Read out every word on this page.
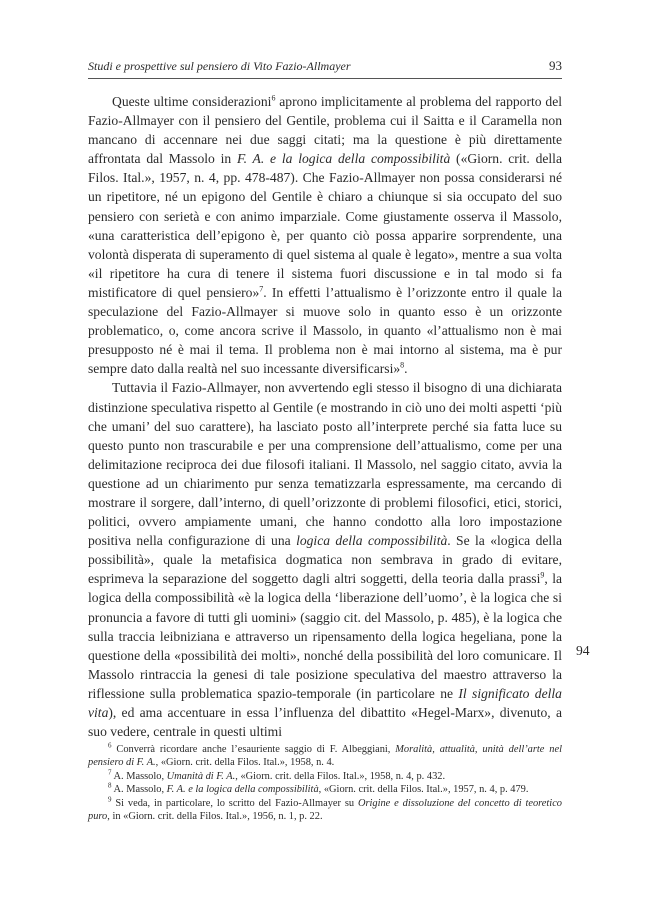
Studi e prospettive sul pensiero di Vito Fazio-Allmayer	93

Queste ultime considerazioni$^6$ aprono implicitamente al problema del rapporto del Fazio-Allmayer con il pensiero del Gentile, problema cui il Saitta e il Caramella non mancano di accennare nei due saggi citati; ma la questione è più direttamente affrontata dal Massolo in F. A. e la logica della compossibilità («Giorn. crit. della Filos. Ital.», 1957, n. 4, pp. 478-487). Che Fazio-Allmayer non possa considerarsi né un ripetitore, né un epigono del Gentile è chiaro a chiunque si sia occupato del suo pensiero con serietà e con animo imparziale. Come giustamente osserva il Massolo, «una caratteristica dell’epigono è, per quanto ciò possa apparire sorprendente, una volontà disperata di superamento di quel sistema al quale è legato», mentre a sua volta «il ripetitore ha cura di tenere il sistema fuori discussione e in tal modo si fa mistificatore di quel pensiero»$^7$. In effetti l’attualismo è l’orizzonte entro il quale la speculazione del Fazio-Allmayer si muove solo in quanto esso è un orizzonte problematico, o, come ancora scrive il Massolo, in quanto «l’attualismo non è mai presupposto né è mai il tema. Il problema non è mai intorno al sistema, ma è pur sempre dato dalla realtà nel suo incessante diversificarsi»$^8$.

Tuttavia il Fazio-Allmayer, non avvertendo egli stesso il bisogno di una dichiarata distinzione speculativa rispetto al Gentile (e mostrando in ciò uno dei molti aspetti ‘più che umani’ del suo carattere), ha lasciato posto all’interprete perché sia fatta luce su questo punto non trascurabile e per una comprensione dell’attualismo, come per una delimitazione reciproca dei due filosofi italiani. Il Massolo, nel saggio citato, avvia la questione ad un chiarimento pur senza tematizzarla espressamente, ma cercando di mostrare il sorgere, dall’interno, di quell’orizzonte di problemi filosofici, etici, storici, politici, ovvero ampiamente umani, che hanno condotto alla loro impostazione positiva nella configurazione di una logica della compossibilità. Se la «logica della possibilità», quale la metafisica dogmatica non sembrava in grado di evitare, esprimeva la separazione del soggetto dagli altri soggetti, della teoria dalla prassi$^9$, la logica della compossibilità «è la logica della ‘liberazione dell’uomo’, è la logica che si pronuncia a favore di tutti gli uomini» (saggio cit. del Massolo, p. 485), è la logica che sulla traccia leibniziana e attraverso un ripensamento della logica hegeliana, pone la questione della «possibilità dei molti», nonché della possibilità del loro comunicare. Il Massolo rintraccia la genesi di tale posizione speculativa del maestro attraverso la riflessione sulla problematica spazio-temporale (in particolare ne Il significato della vita), ed ama accentuare in essa l’influenza del dibattito «Hegel-Marx», divenuto, a suo vedere, centrale in questi ultimi

94

$^6$ Converrà ricordare anche l’esauriente saggio di F. Albeggiani, Moralità, attualità, unità dell’arte nel pensiero di F. A., «Giorn. crit. della Filos. Ital.», 1958, n. 4.

$^7$ A. Massolo, Umanità di F. A., «Giorn. crit. della Filos. Ital.», 1958, n. 4, p. 432.

$^8$ A. Massolo, F. A. e la logica della compossibilità, «Giorn. crit. della Filos. Ital.», 1957, n. 4, p. 479.

$^9$ Si veda, in particolare, lo scritto del Fazio-Allmayer su Origine e dissoluzione del concetto di teoretico puro, in «Giorn. crit. della Filos. Ital.», 1956, n. 1, p. 22.
